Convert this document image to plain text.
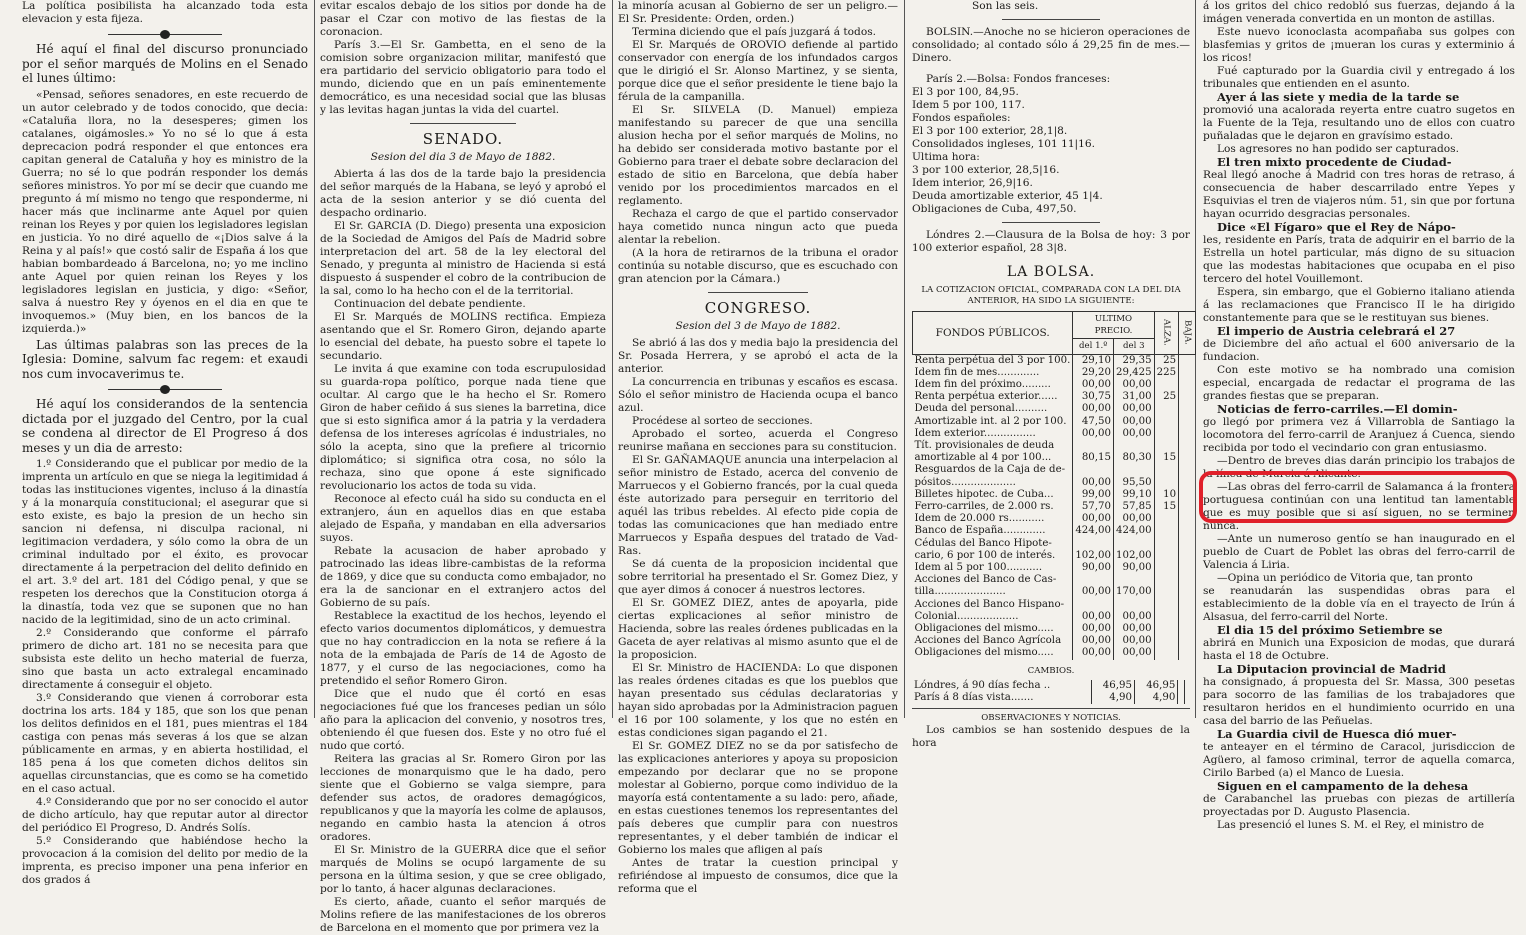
La política posibilista ha alcanzado toda esta elevacion y esta fijeza.

Hé aquí el final del discurso pronunciado por el señor marqués de Molins en el Senado el lunes último:

«Pensad, señores senadores, en este recuerdo de un autor celebrado y de todos conocido, que decia: «Cataluña llora, no la desesperes; gimen los catalanes, oigámosles.» Yo no sé lo que á esta deprecacion podrá responder el que entonces era capitan general de Cataluña y hoy es ministro de la Guerra; no sé lo que podrán responder los demás señores ministros. Yo por mí se decir que cuando me pregunto á mí mismo no tengo que responderme, ni hacer más que inclinarme ante Aquel por quien reinan los Reyes y por quien los legisladores legislan en justicia. Yo no diré aquello de «¡Dios salve á la Reina y al país!» que costó salir de España á los que habian bombardeado á Barcelona, no; yo me inclino ante Aquel por quien reinan los Reyes y los legisladores legislan en justicia, y digo: «Señor, salva á nuestro Rey y óyenos en el dia en que te invoquemos.» (Muy bien, en los bancos de la izquierda.)»

Las últimas palabras son las preces de la Iglesia: Domine, salvum fac regem: et exaudi nos cum invocaverimus te.

Hé aquí los considerandos de la sentencia dictada por el juzgado del Centro, por la cual se condena al director de El Progreso á dos meses y un dia de arresto:

1.º Considerando que el publicar por medio de la imprenta un artículo en que se niega la legitimidad á todas las instituciones vigentes, incluso á la dinastía y á la monarquía constitucional; el asegurar que si esto existe, es bajo la presion de un hecho sin sancion ni defensa, ni disculpa racional, ni legitimacion verdadera, y sólo como la obra de un criminal indultado por el éxito, es provocar directamente á la perpetracion del delito definido en el art. 3.º del art. 181 del Código penal, y que se respeten los derechos que la Constitucion otorga á la dinastía, toda vez que se suponen que no han nacido de la legitimidad, sino de un acto criminal.

2.º Considerando que conforme el párrafo primero de dicho art. 181 no se necesita para que subsista este delito un hecho material de fuerza, sino que basta un acto extralegal encaminado directamente á conseguir el objeto.

3.º Considerando que vienen á corroborar esta doctrina los arts. 184 y 185, que son los que penan los delitos definidos en el 181, pues mientras el 184 castiga con penas más severas á los que se alzan públicamente en armas, y en abierta hostilidad, el 185 pena á los que cometen dichos delitos sin aquellas circunstancias, que es como se ha cometido en el caso actual.

4.º Considerando que por no ser conocido el autor de dicho artículo, hay que reputar autor al director del periódico El Progreso, D. Andrés Solís.

5.º Considerando que habiéndose hecho la provocacion á la comision del delito por medio de la imprenta, es preciso imponer una pena inferior en dos grados á

evitar escalos debajo de los sitios por donde ha de pasar el Czar con motivo de las fiestas de la coronacion.

París 3.—El Sr. Gambetta, en el seno de la comision sobre organizacion militar, manifestó que era partidario del servicio obligatorio para todo el mundo, diciendo que en un país eminentemente democrático, es una necesidad social que las blusas y las levitas hagan juntas la vida del cuartel.

SENADO.
Sesion del dia 3 de Mayo de 1882.

Abierta á las dos de la tarde bajo la presidencia del señor marqués de la Habana, se leyó y aprobó el acta de la sesion anterior y se dió cuenta del despacho ordinario.

El Sr. GARCIA (D. Diego) presenta una exposicion de la Sociedad de Amigos del País de Madrid sobre interpretacion del art. 58 de la ley electoral del Senado, y pregunta al ministro de Hacienda si está dispuesto á suspender el cobro de la contribucion de la sal, como lo ha hecho con el de la territorial.

Continuacion del debate pendiente.

El Sr. Marqués de MOLINS rectifica. Empieza asentando que el Sr. Romero Giron, dejando aparte lo esencial del debate, ha puesto sobre el tapete lo secundario.

Le invita á que examine con toda escrupulosidad su guarda-ropa político, porque nada tiene que ocultar. Al cargo que le ha hecho el Sr. Romero Giron de haber ceñido á sus sienes la barretina, dice que si esto significa amor á la patria y la verdadera defensa de los intereses agrícolas é industriales, no sólo la acepta, sino que la prefiere al tricornio diplomático; si significa otra cosa, no sólo la rechaza, sino que opone á este significado revolucionario los actos de toda su vida.

Reconoce al efecto cuál ha sido su conducta en el extranjero, áun en aquellos dias en que estaba alejado de España, y mandaban en ella adversarios suyos.

Rebate la acusacion de haber aprobado y patrocinado las ideas libre-cambistas de la reforma de 1869, y dice que su conducta como embajador, no era la de sancionar en el extranjero actos del Gobierno de su país.

Restablece la exactitud de los hechos, leyendo el efecto varios documentos diplomáticos, y demuestra que no hay contradiccion en la nota se refiere á la nota de la embajada de París de 14 de Agosto de 1877, y el curso de las negociaciones, como ha pretendido el señor Romero Giron.

Dice que el nudo que él cortó en esas negociaciones fué que los franceses pedian un sólo año para la aplicacion del convenio, y nosotros tres, obteniendo él que fuesen dos. Este y no otro fué el nudo que cortó.

Reitera las gracias al Sr. Romero Giron por las lecciones de monarquismo que le ha dado, pero siente que el Gobierno se valga siempre, para defender sus actos, de oradores demagógicos, republicanos y que la mayoría les colme de aplausos, negando en cambio hasta la atencion á otros oradores.

El Sr. Ministro de la GUERRA dice que el señor marqués de Molins se ocupó largamente de su persona en la última sesion, y que se cree obligado, por lo tanto, á hacer algunas declaraciones.

Es cierto, añade, cuanto el señor marqués de Molins refiere de las manifestaciones de los obreros de Barcelona en el momento que por primera vez la

la minoría acusan al Gobierno de ser un peligro.—El Sr. Presidente: Orden, orden.)

Termina diciendo que el país juzgará á todos.

El Sr. Marqués de OROVIO defiende al partido conservador con energía de los infundados cargos que le dirigió el Sr. Alonso Martinez, y se sienta, porque dice que el señor presidente le tiene bajo la férula de la campanilla.

El Sr. SILVELA (D. Manuel) empieza manifestando su parecer de que una sencilla alusion hecha por el señor marqués de Molins, no ha debido ser considerada motivo bastante por el Gobierno para traer el debate sobre declaracion del estado de sitio en Barcelona, que debía haber venido por los procedimientos marcados en el reglamento.

Rechaza el cargo de que el partido conservador haya cometido nunca ningun acto que pueda alentar la rebelion.

(A la hora de retirarnos de la tribuna el orador continúa su notable discurso, que es escuchado con gran atencion por la Cámara.)

CONGRESO.
Sesion del 3 de Mayo de 1882.

Se abrió á las dos y media bajo la presidencia del Sr. Posada Herrera, y se aprobó el acta de la anterior.

La concurrencia en tribunas y escaños es escasa. Sólo el señor ministro de Hacienda ocupa el banco azul.

Procédese al sorteo de secciones.

Aprobado el sorteo, acuerda el Congreso reunirse mañana en secciones para su constitucion.

El Sr. GAÑAMAQUE anuncia una interpelacion al señor ministro de Estado, acerca del convenio de Marruecos y el Gobierno francés, por la cual queda éste autorizado para perseguir en territorio del aquél las tribus rebeldes. Al efecto pide copia de todas las comunicaciones que han mediado entre Marruecos y España despues del tratado de Vad-Ras.

Se dá cuenta de la proposicion incidental que sobre territorial ha presentado el Sr. Gomez Diez, y que ayer dimos á conocer á nuestros lectores.

El Sr. GOMEZ DIEZ, antes de apoyarla, pide ciertas explicaciones al señor ministro de Hacienda, sobre las reales órdenes publicadas en la Gaceta de ayer relativas al mismo asunto que el de la proposicion.

El Sr. Ministro de HACIENDA: Lo que disponen las reales órdenes citadas es que los pueblos que hayan presentado sus cédulas declaratorias y hayan sido aprobadas por la Administracion paguen el 16 por 100 solamente, y los que no estén en estas condiciones sigan pagando el 21.

El Sr. GOMEZ DIEZ no se da por satisfecho de las explicaciones anteriores y apoya su proposicion empezando por declarar que no se propone molestar al Gobierno, porque como individuo de la mayoría está contentamente a su lado: pero, añade, en estas cuestiones tenemos los representantes del país deberes que cumplir para con nuestros representantes, y el deber también de indicar el Gobierno los males que afligen al país

Antes de tratar la cuestion principal y refiriéndose al impuesto de consumos, dice que la reforma que el

Son las seis.

BOLSIN.—Anoche no se hicieron operaciones de consolidado; al contado sólo á 29,25 fin de mes.—Dinero.

París 2.—Bolsa: Fondos franceses:
El 3 por 100, 84,95.
Idem 5 por 100, 117.
Fondos españoles:
El 3 por 100 exterior, 28,1|8.
Consolidados ingleses, 101 11|16.
Ultima hora:
3 por 100 exterior, 28,5|16.
Idem interior, 26,9|16.
Deuda amortizable exterior, 45 1|4.
Obligaciones de Cuba, 497,50.

Lóndres 2.—Clausura de la Bolsa de hoy: 3 por 100 exterior español, 28 3|8.

LA BOLSA.

LA COTIZACION OFICIAL, COMPARADA CON LA DEL DIA ANTERIOR, HA SIDO LA SIGUIENTE:

FONDOS PÚBLICOS.	ULTIMO PRECIO.		ALZA.	BAJA.
	del 1.º	del 3		
Renta perpétua del 3 por 100.	29,10	29,35	25	
Idem fin de mes.............	29,20	29,425	225	
Idem fin del próximo.........	00,00	00,00		
Renta perpétua exterior......	30,75	31,00	25	
Deuda del personal..........	00,00	00,00		
Amortizable int. al 2 por 100.	47,50	00,00		
Idem exterior................	00,00	00,00		
Tít. provisionales de deuda				
amortizable al 4 por 100...	80,15	80,30	15	
Resguardos de la Caja de de-				
pósitos....................	00,00	95,50		
Billetes hipotec. de Cuba...	99,00	99,10	10	
Ferro-carriles, de 2.000 rs.	57,70	57,85	15	
Idem de 20.000 rs...........	00,00	00,00		
Banco de España.............	424,00	424,00		
Cédulas del Banco Hipote-				
cario, 6 por 100 de interés.	102,00	102,00		
Idem al 5 por 100...........	90,00	90,00		
Acciones del Banco de Cas-				
tilla......................	00,00	170,00		
Acciones del Banco Hispano-				
Colonial...................	00,00	00,00		
Obligaciones del mismo.....	00,00	00,00		
Acciones del Banco Agrícola	00,00	00,00		
Obligaciones del mismo.....	00,00	00,00		
CAMBIOS.
Lóndres, á 90 días fecha ..	46,95	46,95		
París á 8 días vista.......	4,90	4,90		
OBSERVACIONES Y NOTICIAS.

Los cambios se han sostenido despues de la hora

á los gritos del chico redobló sus fuerzas, dejando á la imágen venerada convertida en un monton de astillas.

Este nuevo iconoclasta acompañaba sus golpes con blasfemias y gritos de ¡mueran los curas y exterminio á los ricos!

Fué capturado por la Guardia civil y entregado á los tribunales que entienden en el asunto.

Ayer á las siete y media de la tarde se

promovió una acalorada reyerta entre cuatro sugetos en la Fuente de la Teja, resultando uno de ellos con cuatro puñaladas que le dejaron en gravísimo estado.

Los agresores no han podido ser capturados.

El tren mixto procedente de Ciudad-

Real llegó anoche á Madrid con tres horas de retraso, á consecuencia de haber descarrilado entre Yepes y Esquivias el tren de viajeros núm. 51, sin que por fortuna hayan ocurrido desgracias personales.

Dice «El Fígaro» que el Rey de Nápo-

les, residente en París, trata de adquirir en el barrio de la Estrella un hotel particular, más digno de su situacion que las modestas habitaciones que ocupaba en el piso tercero del hotel Vouillemont.

Espera, sin embargo, que el Gobierno italiano atienda á las reclamaciones que Francisco II le ha dirigido constantemente para que se le restituyan sus bienes.

El imperio de Austria celebrará el 27

de Diciembre del año actual el 600 aniversario de la fundacion.

Con este motivo se ha nombrado una comision especial, encargada de redactar el programa de las grandes fiestas que se preparan.

Noticias de ferro-carriles.—El domin-

go llegó por primera vez á Villarrobla de Santiago la locomotora del ferro-carril de Aranjuez á Cuenca, siendo recibida por todo el vecindario con gran entusiasmo.

—Dentro de breves dias darán principio los trabajos de la línea de Murcia á Alicante.

—Las obras del ferro-carril de Salamanca á la frontera portuguesa continúan con una lentitud tan lamentable que es muy posible que si así siguen, no se terminen nunca.

—Ante un numeroso gentío se han inaugurado en el pueblo de Cuart de Poblet las obras del ferro-carril de Valencia á Liria.

—Opina un periódico de Vitoria que, tan pronto

se reanudarán las suspendidas obras para el establecimiento de la doble vía en el trayecto de Irún á Alsasua, del ferro-carril del Norte.

El dia 15 del próximo Setiembre se

abrirá en Munich una Exposicion de modas, que durará hasta el 18 de Octubre.

La Diputacion provincial de Madrid

ha consignado, á propuesta del Sr. Massa, 300 pesetas para socorro de las familias de los trabajadores que resultaron heridos en el hundimiento ocurrido en una casa del barrio de las Peñuelas.

La Guardia civil de Huesca dió muer-

te anteayer en el término de Caracol, jurisdiccion de Agüero, al famoso criminal, terror de aquella comarca, Cirilo Barbed (a) el Manco de Luesia.

Siguen en el campamento de la dehesa

de Carabanchel las pruebas con piezas de artillería proyectadas por D. Augusto Plasencia.

Las presenció el lunes S. M. el Rey, el ministro de
